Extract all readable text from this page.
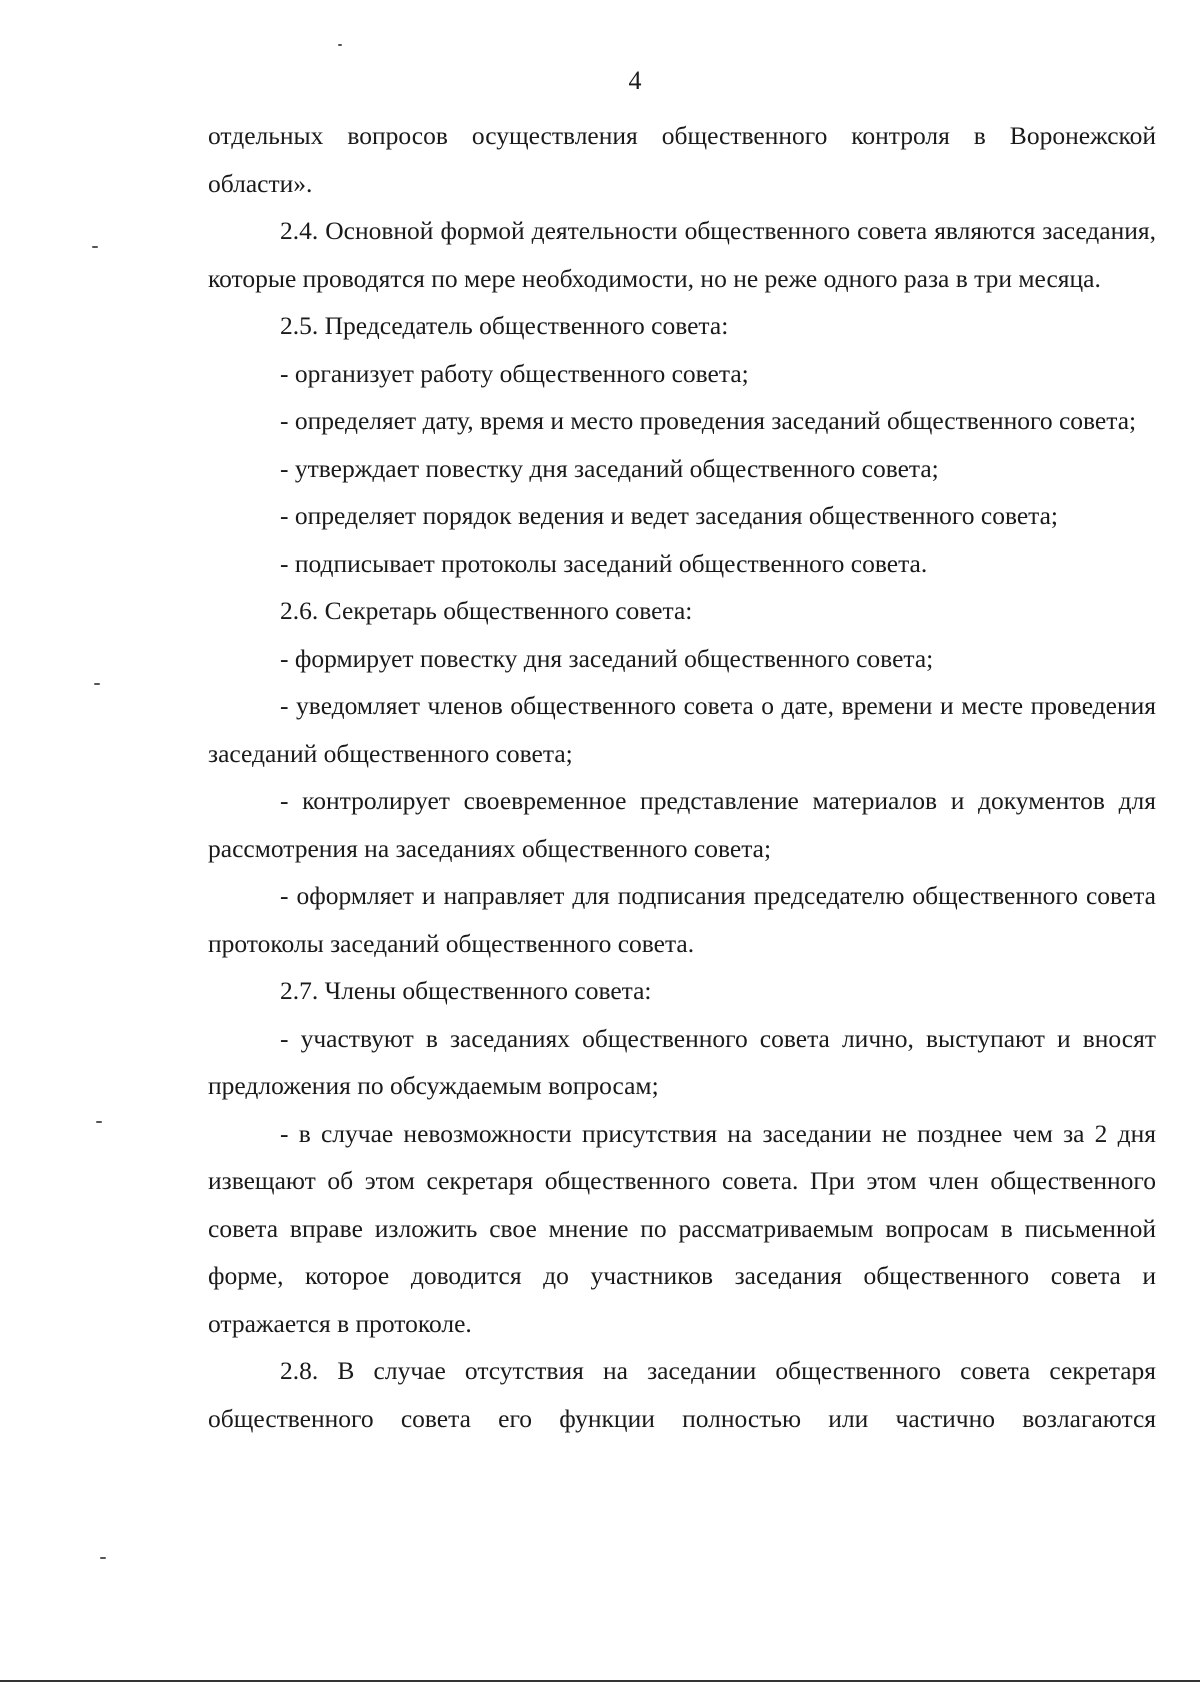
4

отдельных вопросов осуществления общественного контроля в Воронежской области».

2.4. Основной формой деятельности общественного совета являются заседания, которые проводятся по мере необходимости, но не реже одного раза в три месяца.

2.5. Председатель общественного совета:

- организует работу общественного совета;

- определяет дату, время и место проведения заседаний общественного совета;

- утверждает повестку дня заседаний общественного совета;

- определяет порядок ведения и ведет заседания общественного совета;

- подписывает протоколы заседаний общественного совета.

2.6. Секретарь общественного совета:

- формирует повестку дня заседаний общественного совета;

- уведомляет членов общественного совета о дате, времени и месте проведения заседаний общественного совета;

- контролирует своевременное представление материалов и документов для рассмотрения на заседаниях общественного совета;

- оформляет и направляет для подписания председателю общественного совета протоколы заседаний общественного совета.

2.7. Члены общественного совета:

- участвуют в заседаниях общественного совета лично, выступают и вносят предложения по обсуждаемым вопросам;

- в случае невозможности присутствия на заседании не позднее чем за 2 дня извещают об этом секретаря общественного совета. При этом член общественного совета вправе изложить свое мнение по рассматриваемым вопросам в письменной форме, которое доводится до участников заседания общественного совета и отражается в протоколе.

2.8. В случае отсутствия на заседании общественного совета секретаря общественного совета его функции полностью или частично возлагаются
